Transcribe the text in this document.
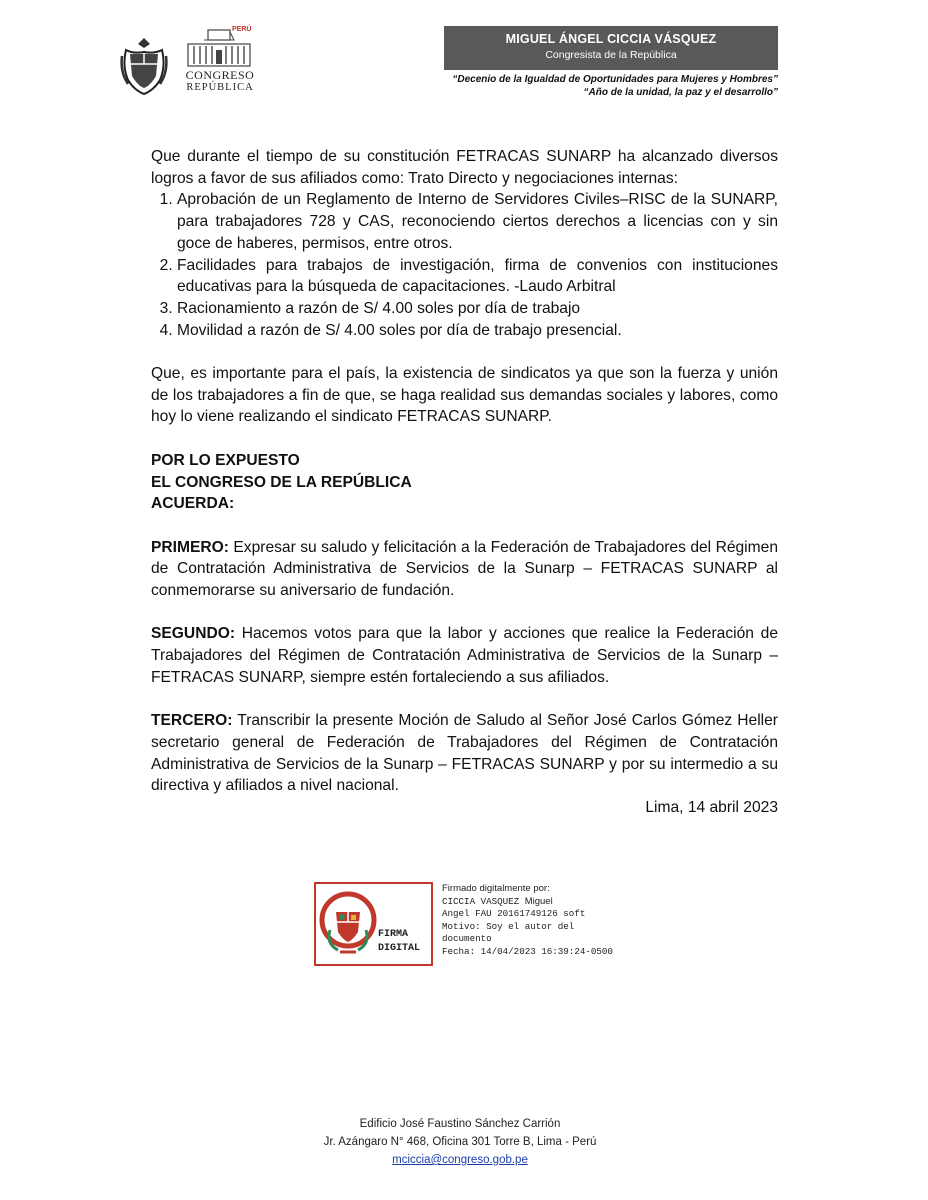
PERÚ
CONGRESO
REPÚBLICA
MIGUEL ÁNGEL CICCIA VÁSQUEZ
Congresista de la República
“Decenio de la Igualdad de Oportunidades para Mujeres y Hombres”
“Año de la unidad, la paz y el desarrollo”

Que durante el tiempo de su constitución FETRACAS SUNARP ha alcanzado diversos logros a favor de sus afiliados como: Trato Directo y negociaciones internas:

1. Aprobación de un Reglamento de Interno de Servidores Civiles–RISC de la SUNARP, para trabajadores 728 y CAS, reconociendo ciertos derechos a licencias con y sin goce de haberes, permisos, entre otros.
2. Facilidades para trabajos de investigación, firma de convenios con instituciones educativas para la búsqueda de capacitaciones. -Laudo Arbitral
3. Racionamiento a razón de S/ 4.00 soles por día de trabajo
4. Movilidad a razón de S/ 4.00 soles por día de trabajo presencial.

Que, es importante para el país, la existencia de sindicatos ya que son la fuerza y unión de los trabajadores a fin de que, se haga realidad sus demandas sociales y labores, como hoy lo viene realizando el sindicato FETRACAS SUNARP.

POR LO EXPUESTO

EL CONGRESO DE LA REPÚBLICA

ACUERDA:

PRIMERO: Expresar su saludo y felicitación a la Federación de Trabajadores del Régimen de Contratación Administrativa de Servicios de la Sunarp – FETRACAS SUNARP al conmemorarse su aniversario de fundación.

SEGUNDO: Hacemos votos para que la labor y acciones que realice la Federación de Trabajadores del Régimen de Contratación Administrativa de Servicios de la Sunarp – FETRACAS SUNARP, siempre estén fortaleciendo a sus afiliados.

TERCERO: Transcribir la presente Moción de Saludo al Señor José Carlos Gómez Heller secretario general de Federación de Trabajadores del Régimen de Contratación Administrativa de Servicios de la Sunarp – FETRACAS SUNARP y por su intermedio a su directiva y afiliados a nivel nacional.

Lima, 14 abril 2023

FIRMA
DIGITAL
Firmado digitalmente por:
CICCIA VASQUEZ Miguel
Angel FAU 20161749126 soft
Motivo: Soy el autor del
documento
Fecha: 14/04/2023 16:39:24-0500
Edificio José Faustino Sánchez Carrión
Jr. Azángaro N° 468, Oficina 301 Torre B, Lima - Perú
mciccia@congreso.gob.pe
